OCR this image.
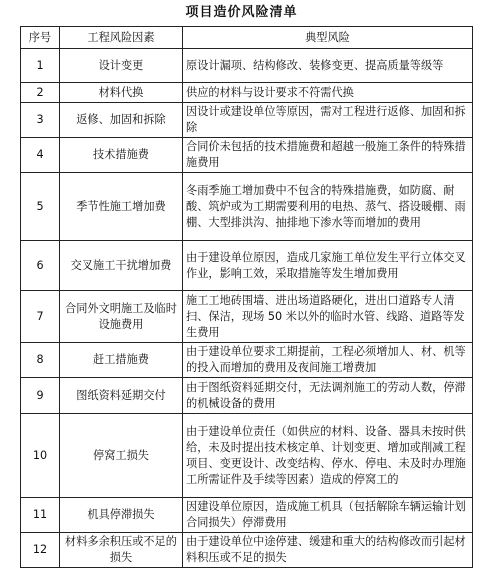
项目造价风险清单
序号	工程风险因素	典型风险
1	设计变更	原设计漏项、结构修改、装修变更、提高质量等级等
2	材料代换	供应的材料与设计要求不符需代换
3	返修、加固和拆除	因设计或建设单位等原因，需对工程进行返修、加固和拆除
4	技术措施费	合同价未包括的技术措施费和超越一般施工条件的特殊措施费用
5	季节性施工增加费	冬雨季施工增加费中不包含的特殊措施费，如防腐、耐酸、筑炉或为工期需要利用的电热、蒸气、搭设暖棚、雨棚、大型排洪沟、抽排地下渗水等而增加的费用
6	交叉施工干扰增加费	由于建设单位原因，造成几家施工单位发生平行立体交叉作业，影响工效，采取措施等发生增加费用
7	合同外文明施工及临时设施费用	施工工地砖围墙、进出场道路硬化，进出口道路专人清扫、保洁，现场 50 米以外的临时水管、线路、道路等发生费用
8	赶工措施费	由于建设单位要求工期提前，工程必须增加人、材、机等的投入而增加的费用及夜间施工增费加
9	图纸资料延期交付	由于图纸资料延期交付，无法调剂施工的劳动人数，停滞的机械设备的费用
10	停窝工损失	由于建设单位责任（如供应的材料、设备、器具未按时供给，未及时提出技术核定单、计划变更、增加或削减工程项目、变更设计、改变结构、停水、停电、未及时办理施工所需证件及手续等因素）造成的停窝工的
11	机具停滞损失	因建设单位原因，造成施工机具（包括解除车辆运输计划合同损失）停滞费用
12	材料多余积压或不足的损失	由于建设单位中途停建、缓建和重大的结构修改而引起材料积压或不足的损失
